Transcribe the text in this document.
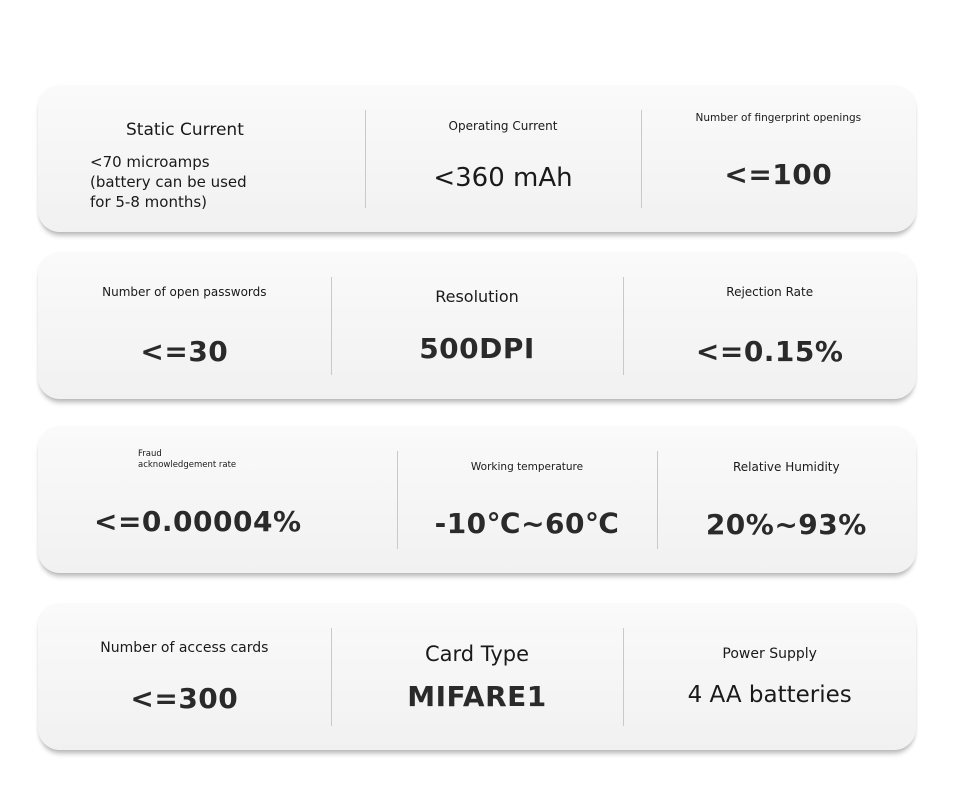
Static Current
<70 microamps (battery can be used for 5-8 months)
Operating Current
<360 mAh
Number of fingerprint openings
<=100
Number of open passwords
<=30
Resolution
500DPI
Rejection Rate
<=0.15%
Fraud acknowledgement rate
<=0.00004%
Working temperature
-10℃~60℃
Relative Humidity
20%~93%
Number of access cards
<=300
Card Type
MIFARE1
Power Supply
4 AA batteries
